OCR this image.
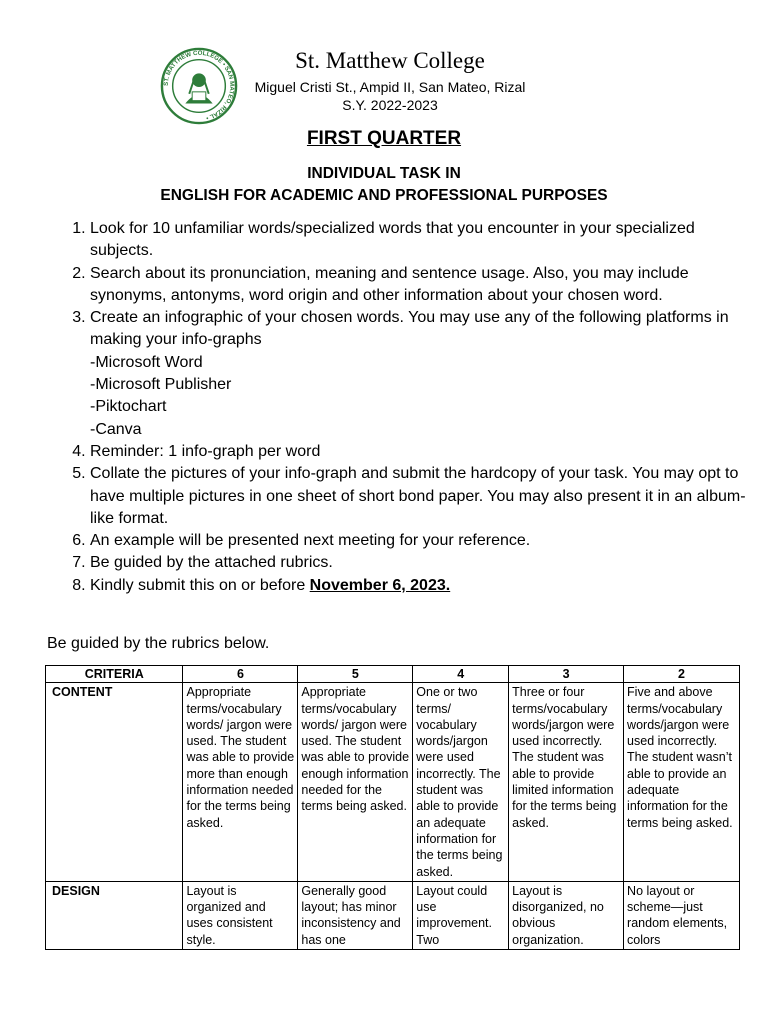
ST. MATTHEW COLLEGE • SAN MATEO, RIZAL •
St. Matthew College
Miguel Cristi St., Ampid II, San Mateo, Rizal
S.Y. 2022-2023
FIRST QUARTER
INDIVIDUAL TASK IN
ENGLISH FOR ACADEMIC AND PROFESSIONAL PURPOSES
1. Look for 10 unfamiliar words/specialized words that you encounter in your specialized subjects.
2. Search about its pronunciation, meaning and sentence usage. Also, you may include synonyms, antonyms, word origin and other information about your chosen word.
3. Create an infographic of your chosen words. You may use any of the following platforms in making your info-graphs
-Microsoft Word
-Microsoft Publisher
-Piktochart
-Canva
4. Reminder: 1 info-graph per word
5. Collate the pictures of your info-graph and submit the hardcopy of your task. You may opt to have multiple pictures in one sheet of short bond paper. You may also present it in an album-like format.
6. An example will be presented next meeting for your reference.
7. Be guided by the attached rubrics.
8. Kindly submit this on or before November 6, 2023.
Be guided by the rubrics below.
CRITERIA	6	5	4	3	2
CONTENT	Appropriate terms/vocabulary words/ jargon were used. The student was able to provide more than enough information needed for the terms being asked.	Appropriate terms/vocabulary words/ jargon were used. The student was able to provide enough information needed for the terms being asked.	One or two terms/ vocabulary words/jargon were used incorrectly. The student was able to provide an adequate information for the terms being asked.	Three or four terms/vocabulary words/jargon were used incorrectly. The student was able to provide limited information for the terms being asked.	Five and above terms/vocabulary words/jargon were used incorrectly. The student wasn’t able to provide an adequate information for the terms being asked.
DESIGN	Layout is organized and uses consistent style.	Generally good layout; has minor inconsistency and has one	Layout could use improvement. Two	Layout is disorganized, no obvious organization.	No layout or scheme—just random elements, colors
